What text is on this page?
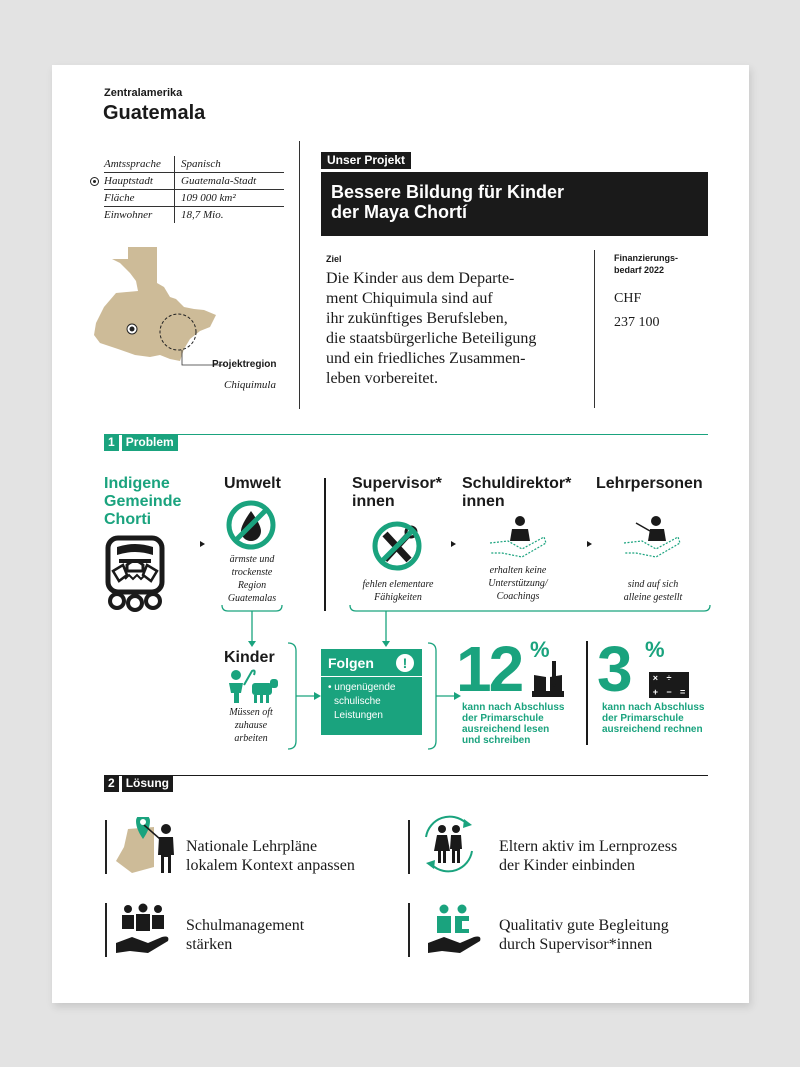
Zentralamerika
Guatemala
Amtssprache	Spanisch
Hauptstadt	Guatemala-Stadt
Fläche	109 000 km²
Einwohner	18,7 Mio.
Projektregion
Chiquimula
Unser Projekt
Bessere Bildung für Kinder
der Maya Chortí
Ziel
Die Kinder aus dem Departe-
ment Chiquimula sind auf
ihr zukünftiges Berufsleben,
die staatsbürgerliche Beteiligung
und ein friedliches Zusammen-
leben vorbereitet.
Finanzierungs-
bedarf 2022
CHF
237 100
1 Problem
Indigene
Gemeinde
Chorti
Umwelt
ärmste und
trockenste
Region
Guatemalas
Supervisor*
innen
fehlen elementare
Fähigkeiten
Schuldirektor*
innen
erhalten keine
Unterstützung/
Coachings
Lehrpersonen
sind auf sich
alleine gestellt
Kinder
Müssen oft
zuhause
arbeiten
Folgen	!
• ungenügende
schulische
Leistungen
12 %
kann nach Abschluss
der Primarschule
ausreichend lesen
und schreiben
3 %
× ÷
+ − =
kann nach Abschluss
der Primarschule
ausreichend rechnen
2 Lösung
Nationale Lehrpläne
lokalem Kontext anpassen
Eltern aktiv im Lernprozess
der Kinder einbinden
Schulmanagement
stärken
Qualitativ gute Begleitung
durch Supervisor*innen
